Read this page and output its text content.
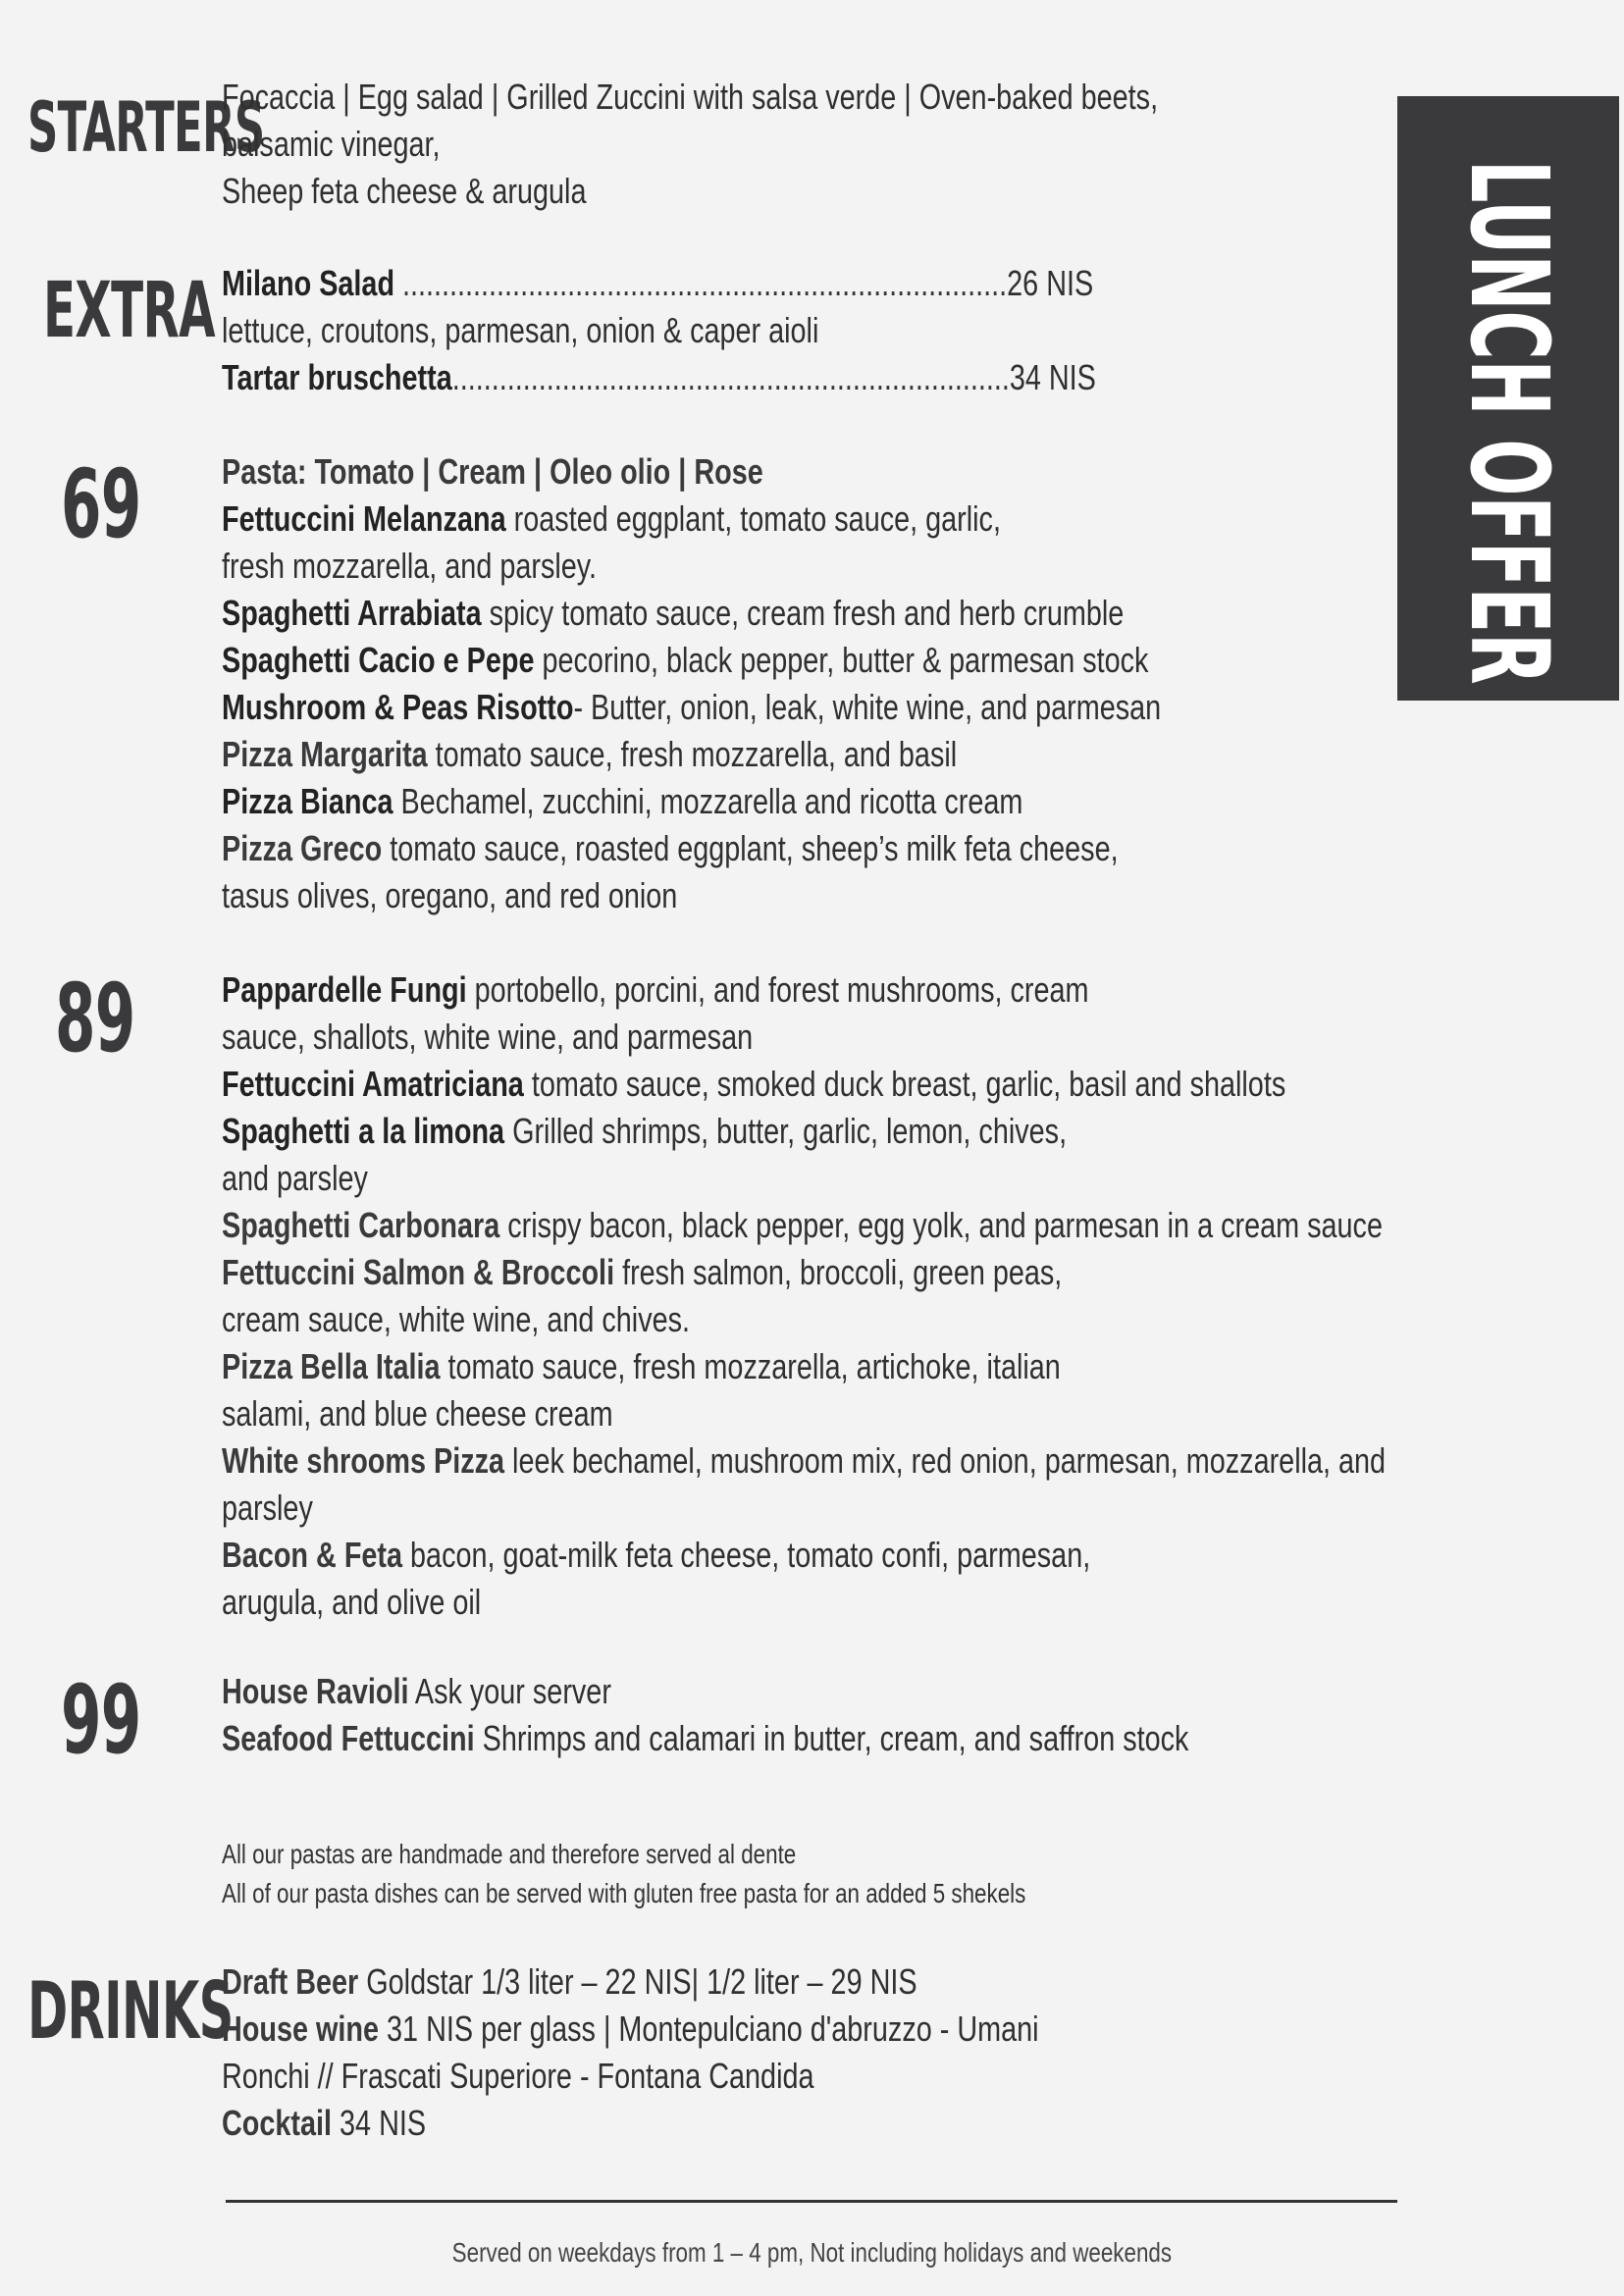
LUNCH OFFER
STARTERS
Focaccia | Egg salad | Grilled Zuccini with salsa verde | Oven-baked beets,
balsamic vinegar,
Sheep feta cheese & arugula
EXTRA Milano Salad .............................................................................26 NIS
lettuce, croutons, parmesan, onion & caper aioli
Tartar bruschetta.......................................................................34 NIS
69 Pasta: Tomato | Cream | Oleo olio | Rose
Fettuccini Melanzana roasted eggplant, tomato sauce, garlic,
fresh mozzarella, and parsley.
Spaghetti Arrabiata spicy tomato sauce, cream fresh and herb crumble
Spaghetti Cacio e Pepe pecorino, black pepper, butter & parmesan stock
Mushroom & Peas Risotto- Butter, onion, leak, white wine, and parmesan
Pizza Margarita tomato sauce, fresh mozzarella, and basil
Pizza Bianca Bechamel, zucchini, mozzarella and ricotta cream
Pizza Greco tomato sauce, roasted eggplant, sheep’s milk feta cheese,
tasus olives, oregano, and red onion
89 Pappardelle Fungi portobello, porcini, and forest mushrooms, cream
sauce, shallots, white wine, and parmesan
Fettuccini Amatriciana tomato sauce, smoked duck breast, garlic, basil and shallots
Spaghetti a la limona Grilled shrimps, butter, garlic, lemon, chives,
and parsley
Spaghetti Carbonara crispy bacon, black pepper, egg yolk, and parmesan in a cream sauce
Fettuccini Salmon & Broccoli fresh salmon, broccoli, green peas,
cream sauce, white wine, and chives.
Pizza Bella Italia tomato sauce, fresh mozzarella, artichoke, italian
salami, and blue cheese cream
White shrooms Pizza leek bechamel, mushroom mix, red onion, parmesan, mozzarella, and
parsley
Bacon & Feta bacon, goat-milk feta cheese, tomato confi, parmesan,
arugula, and olive oil
99 House Ravioli Ask your server
Seafood Fettuccini Shrimps and calamari in butter, cream, and saffron stock
All our pastas are handmade and therefore served al dente
All of our pasta dishes can be served with gluten free pasta for an added 5 shekels
DRINKS
Draft Beer Goldstar 1/3 liter – 22 NIS| 1/2 liter – 29 NIS
House wine 31 NIS per glass | Montepulciano d'abruzzo - Umani
Ronchi // Frascati Superiore - Fontana Candida
Cocktail 34 NIS
Served on weekdays from 1 – 4 pm, Not including holidays and weekends
